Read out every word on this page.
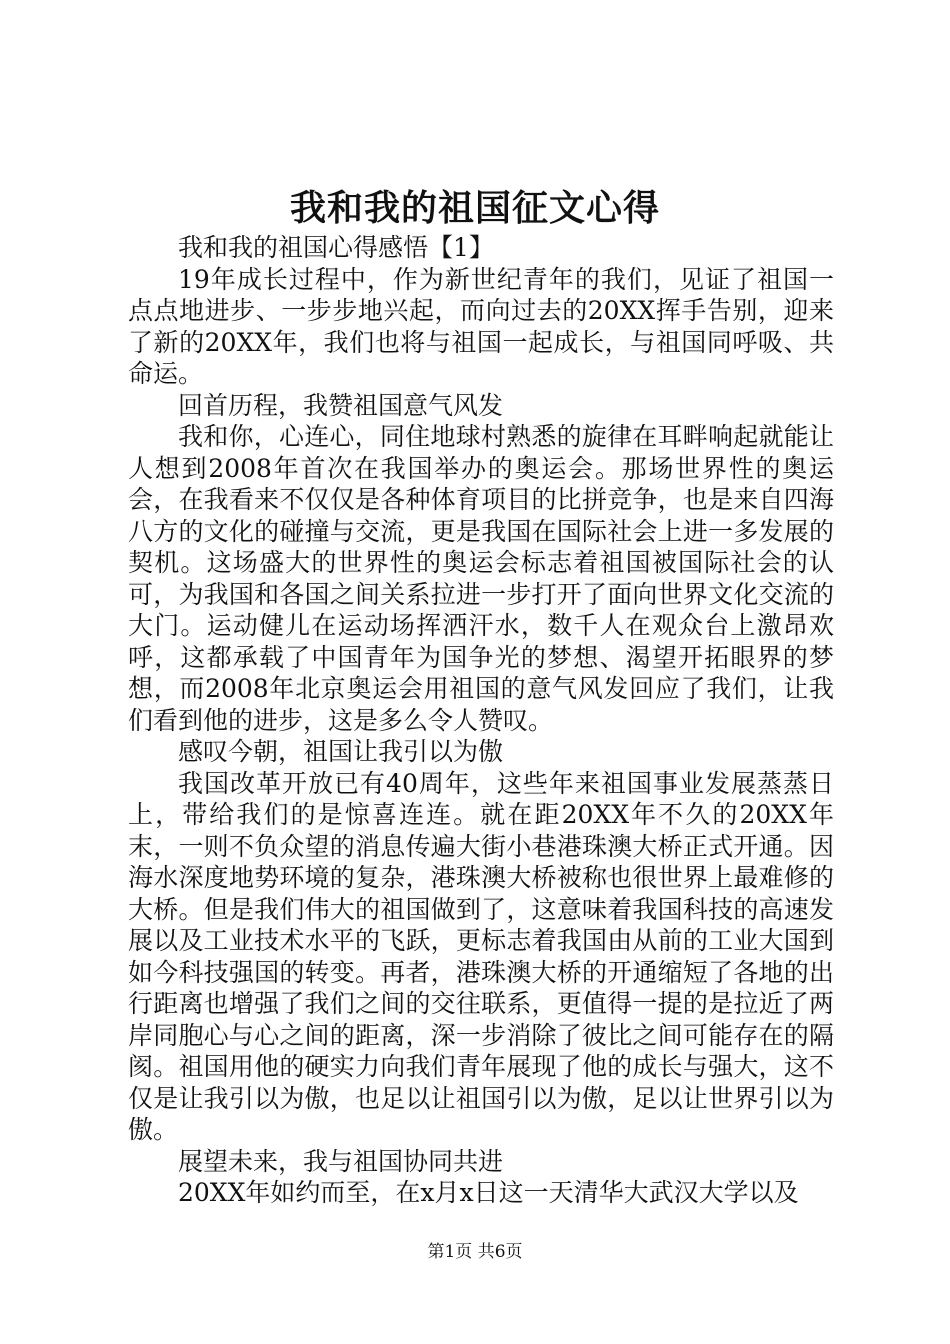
我和我的祖国征文心得

我和我的祖国心得感悟【1】

19年成长过程中，作为新世纪青年的我们，见证了祖国一点点地进步、一步步地兴起，而向过去的20XX挥手告别，迎来了新的20XX年，我们也将与祖国一起成长，与祖国同呼吸、共命运。

回首历程，我赞祖国意气风发

我和你，心连心，同住地球村熟悉的旋律在耳畔响起就能让人想到2008年首次在我国举办的奥运会。那场世界性的奥运会，在我看来不仅仅是各种体育项目的比拼竞争，也是来自四海八方的文化的碰撞与交流，更是我国在国际社会上进一多发展的契机。这场盛大的世界性的奥运会标志着祖国被国际社会的认可，为我国和各国之间关系拉进一步打开了面向世界文化交流的大门。运动健儿在运动场挥洒汗水，数千人在观众台上激昂欢呼，这都承载了中国青年为国争光的梦想、渴望开拓眼界的梦想，而2008年北京奥运会用祖国的意气风发回应了我们，让我们看到他的进步，这是多么令人赞叹。

感叹今朝，祖国让我引以为傲

我国改革开放已有40周年，这些年来祖国事业发展蒸蒸日上，带给我们的是惊喜连连。就在距20XX年不久的20XX年末，一则不负众望的消息传遍大街小巷港珠澳大桥正式开通。因海水深度地势环境的复杂，港珠澳大桥被称也很世界上最难修的大桥。但是我们伟大的祖国做到了，这意味着我国科技的高速发展以及工业技术水平的飞跃，更标志着我国由从前的工业大国到如今科技强国的转变。再者，港珠澳大桥的开通缩短了各地的出行距离也增强了我们之间的交往联系，更值得一提的是拉近了两岸同胞心与心之间的距离，深一步消除了彼比之间可能存在的隔阂。祖国用他的硬实力向我们青年展现了他的成长与强大，这不仅是让我引以为傲，也足以让祖国引以为傲，足以让世界引以为傲。

展望未来，我与祖国协同共进

20XX年如约而至，在x月x日这一天清华大武汉大学以及

第1页 共6页
